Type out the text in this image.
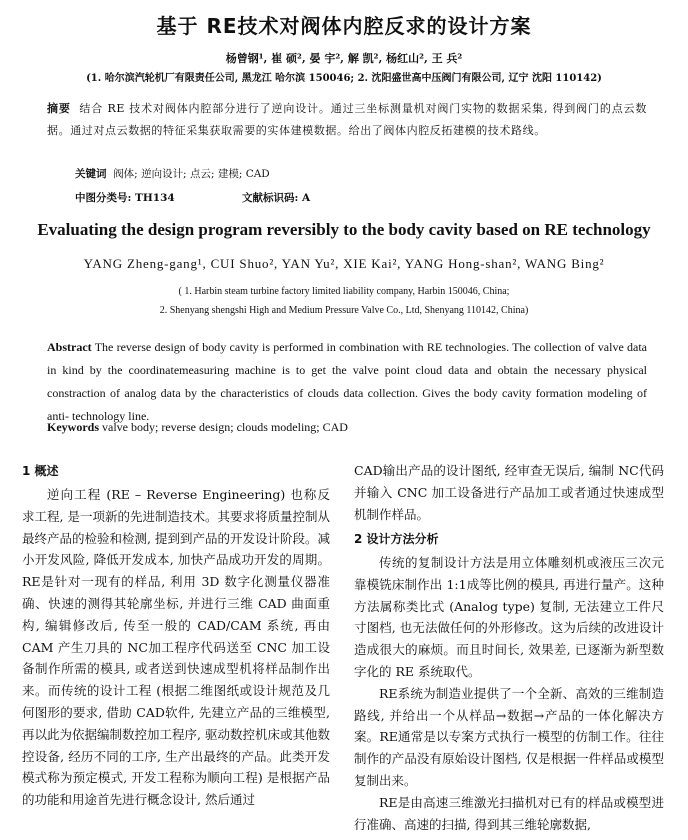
基于 RE技术对阀体内腔反求的设计方案
杨曾钢¹, 崔 硕², 晏 宇², 解 凯², 杨红山², 王 兵²
(1. 哈尔滨汽轮机厂有限责任公司, 黑龙江 哈尔滨 150046; 2. 沈阳盛世高中压阀门有限公司, 辽宁 沈阳 110142)
摘要 结合 RE 技术对阀体内腔部分进行了逆向设计。通过三坐标测量机对阀门实物的数据采集, 得到阀门的点云数据。通过对点云数据的特征采集获取需要的实体建模数据。给出了阀体内腔反拓建模的技术路线。
关键词 阀体; 逆向设计; 点云; 建模; CAD
中图分类号: TH134	文献标识码: A
Evaluating the design program reversibly to the body cavity based on RE technology
YANG Zheng-gang¹, CUI Shuo², YAN Yu², XIE Kai², YANG Hong-shan², WANG Bing²
( 1. Harbin steam turbine factory limited liability company, Harbin 150046, China;
2. Shenyang shengshi High and Medium Pressure Valve Co., Ltd, Shenyang 110142, China)
Abstract The reverse design of body cavity is performed in combination with RE technologies. The collection of valve data in kind by the coordinatemeasuring machine is to get the valve point cloud data and obtain the necessary physical constraction of analog data by the characteristics of clouds data collection. Gives the body cavity formation modeling of anti- technology line.
Keywords valve body; reverse design; clouds modeling; CAD
1 概述

逆向工程 (RE – Reverse Engineering) 也称反求工程, 是一项新的先进制造技术。其要求将质量控制从最终产品的检验和检测, 提到到产品的开发设计阶段。减小开发风险, 降低开发成本, 加快产品成功开发的周期。RE是针对一现有的样品, 利用 3D 数字化测量仪器准确、快速的测得其轮廓坐标, 并进行三维 CAD 曲面重构, 编辑修改后, 传至一般的 CAD/CAM 系统, 再由 CAM 产生刀具的 NC加工程序代码送至 CNC 加工设备制作所需的模具, 或者送到快速成型机将样品制作出来。而传统的设计工程 (根据二维图纸或设计规范及几何图形的要求, 借助 CAD软件, 先建立产品的三维模型, 再以此为依据编制数控加工程序, 驱动数控机床或其他数控设备, 经历不同的工序, 生产出最终的产品。此类开发模式称为预定模式, 开发工程称为顺向工程) 是根据产品的功能和用途首先进行概念设计, 然后通过

CAD输出产品的设计图纸, 经审查无误后, 编制 NC代码并输入 CNC 加工设备进行产品加工或者通过快速成型机制作样品。

2 设计方法分析

传统的复制设计方法是用立体雕刻机或液压三次元靠模铣床制作出 1:1成等比例的模具, 再进行量产。这种方法属称类比式 (Analog type) 复制, 无法建立工件尺寸图档, 也无法做任何的外形修改。这为后续的改进设计造成很大的麻烦。而且时间长, 效果差, 已逐渐为新型数字化的 RE 系统取代。

RE系统为制造业提供了一个全新、高效的三维制造路线, 并给出一个从样品→数据→产品的一体化解决方案。RE通常是以专案方式执行一模型的仿制工作。往往制作的产品没有原始设计图档, 仅是根据一件样品或模型复制出来。

RE是由高速三维激光扫描机对已有的样品或模型进行准确、高速的扫描, 得到其三维轮廓数据,
